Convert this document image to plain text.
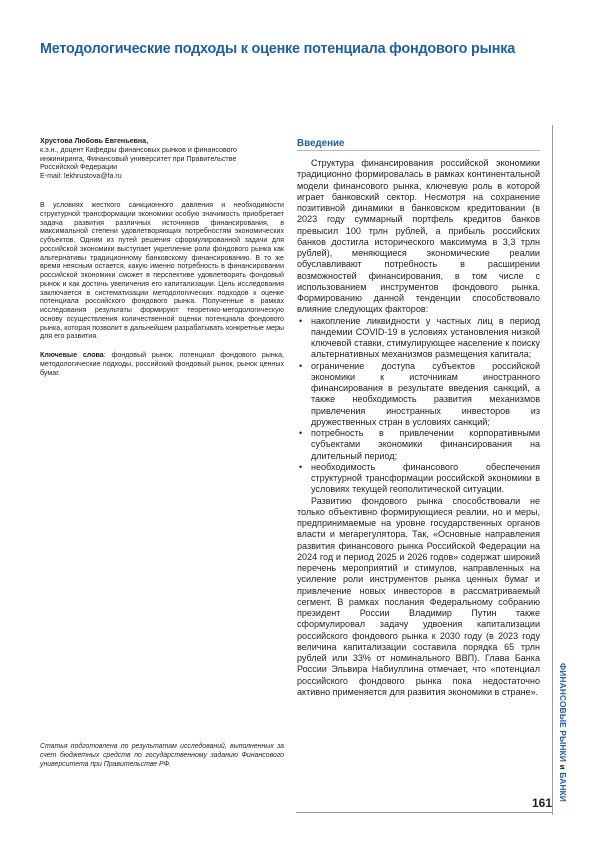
Методологические подходы к оценке потенциала фондового рынка
Хрустова Любовь Евгеньевна,
к.э.н., доцент Кафедры финансовых рынков и финансового
инжиниринга, Финансовый университет при Правительстве
Российской Федерации
E-mail: lekhrustova@fa.ru

В условиях жесткого санкционного давления и необходимости структурной трансформации экономики особую значимость приобретает задача развития различных источников финансирования, в максимальной степени удовлетворяющих потребностям экономических субъектов. Одним из путей решения сформулированной задачи для российской экономики выступает укрепление роли фондового рынка как альтернативы традиционному банковскому финансированию. В то же время неясным остается, какую именно потребность в финансировании российской экономики сможет в перспективе удовлетворять фондовый рынок и как достичь увеличения его капитализации. Цель исследования заключается в систематизации методологических подходов к оценке потенциала российского фондового рынка. Полученные в рамках исследования результаты формируют теоретико-методологическую основу осуществления количественной оценки потенциала фондового рынка, которая позволит в дальнейшем разрабатывать конкретные меры для его развития.

Ключевые слова: фондовый рынок, потенциал фондового рынка, методологические подходы, российский фондовый рынок, рынок ценных бумаг.

Статья подготовлена по результатам исследований, выполненных за счет бюджетных средств по государственному заданию Финансового университета при Правительстве РФ.

Введение

Структура финансирования российской экономики традиционно формировалась в рамках континентальной модели финансового рынка, ключевую роль в которой играет банковский сектор. Несмотря на сохранение позитивной динамики в банковском кредитовании (в 2023 году суммарный портфель кредитов банков превысил 100 трлн рублей, а прибыль российских банков достигла исторического максимума в 3,3 трлн рублей), меняющиеся экономические реалии обуславливают потребность в расширении возможностей финансирования, в том числе с использованием инструментов фондового рынка. Формированию данной тенденции способствовало влияние следующих факторов:

• накопление ликвидности у частных лиц в период пандемии COVID-19 в условиях установления низкой ключевой ставки, стимулирующее население к поиску альтернативных механизмов размещения капитала;
• ограничение доступа субъектов российской экономики к источникам иностранного финансирования в результате введения санкций, а также необходимость развития механизмов привлечения иностранных инвесторов из дружественных стран в условиях санкций;
• потребность в привлечении корпоративными субъектами экономики финансирования на длительный период;
• необходимость финансового обеспечения структурной трансформации российской экономики в условиях текущей геополитической ситуации.

Развитию фондового рынка способствовали не только объективно формирующиеся реалии, но и меры, предпринимаемые на уровне государственных органов власти и мегарегулятора. Так, «Основные направления развития финансового рынка Российской Федерации на 2024 год и период 2025 и 2026 годов» содержат широкий перечень мероприятий и стимулов, направленных на усиление роли инструментов рынка ценных бумаг и привлечение новых инвесторов в рассматриваемый сегмент. В рамках послания Федеральному собранию президент России Владимир Путин также сформулировал задачу удвоения капитализации российского фондового рынка к 2030 году (в 2023 году величина капитализации составила порядка 65 трлн рублей или 33% от номинального ВВП). Глава Банка России Эльвира Набиуллина отмечает, что «потенциал российского фондового рынка пока недостаточно активно применяется для развития экономики в стране». ФИНАНСОВЫЕ РЫНКИ и БАНКИ
161
